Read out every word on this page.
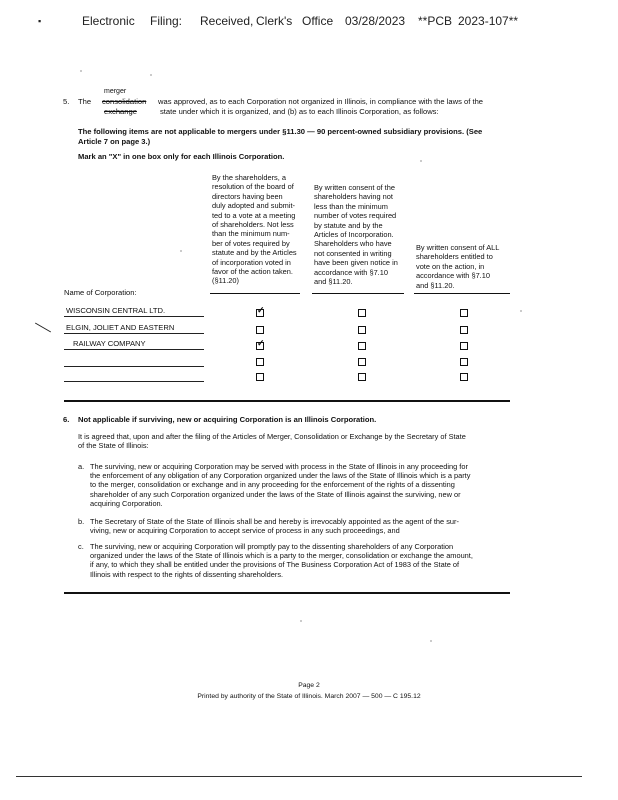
▪	Electronic Filing: Received, Clerk's Office 03/28/2023 **PCB 2023-107**
merger
5. The consolidation
exchange
was approved, as to each Corporation not organized in Illinois, in compliance with the laws of the
state under which it is organized, and (b) as to each Illinois Corporation, as follows:
The following items are not applicable to mergers under §11.30 — 90 percent-owned subsidiary provisions. (See
Article 7 on page 3.)
Mark an "X" in one box only for each Illinois Corporation.
By the shareholders, a
resolution of the board of
directors having been
duly adopted and submit-
ted to a vote at a meeting
of shareholders. Not less
than the minimum num-
ber of votes required by
statute and by the Articles
of incorporation voted in
favor of the action taken.
(§11.20)
By written consent of the
shareholders having not
less than the minimum
number of votes required
by statute and by the
Articles of Incorporation.
Shareholders who have
not consented in writing
have been given notice in
accordance with §7.10
and §11.20.
By written consent of ALL
shareholders entitled to
vote on the action, in
accordance with §7.10
and §11.20.
Name of Corporation:
WISCONSIN CENTRAL LTD.
ELGIN, JOLIET AND EASTERN
RAILWAY COMPANY
✓
✓
6. Not applicable if surviving, new or acquiring Corporation is an Illinois Corporation.
It is agreed that, upon and after the filing of the Articles of Merger, Consolidation or Exchange by the Secretary of State
of the State of Illinois:
a. The surviving, new or acquiring Corporation may be served with process in the State of Illinois in any proceeding for
the enforcement of any obligation of any Corporation organized under the laws of the State of Illinois which is a party
to the merger, consolidation or exchange and in any proceeding for the enforcement of the rights of a dissenting
shareholder of any such Corporation organized under the laws of the State of Illinois against the surviving, new or
acquiring Corporation.
b. The Secretary of State of the State of Illinois shall be and hereby is irrevocably appointed as the agent of the sur-
viving, new or acquiring Corporation to accept service of process in any such proceedings, and
c. The surviving, new or acquiring Corporation will promptly pay to the dissenting shareholders of any Corporation
organized under the laws of the State of Illinois which is a party to the merger, consolidation or exchange the amount,
if any, to which they shall be entitled under the provisions of The Business Corporation Act of 1983 of the State of
Illinois with respect to the rights of dissenting shareholders.
Page 2
Printed by authority of the State of Illinois. March 2007 — 500 — C 195.12
